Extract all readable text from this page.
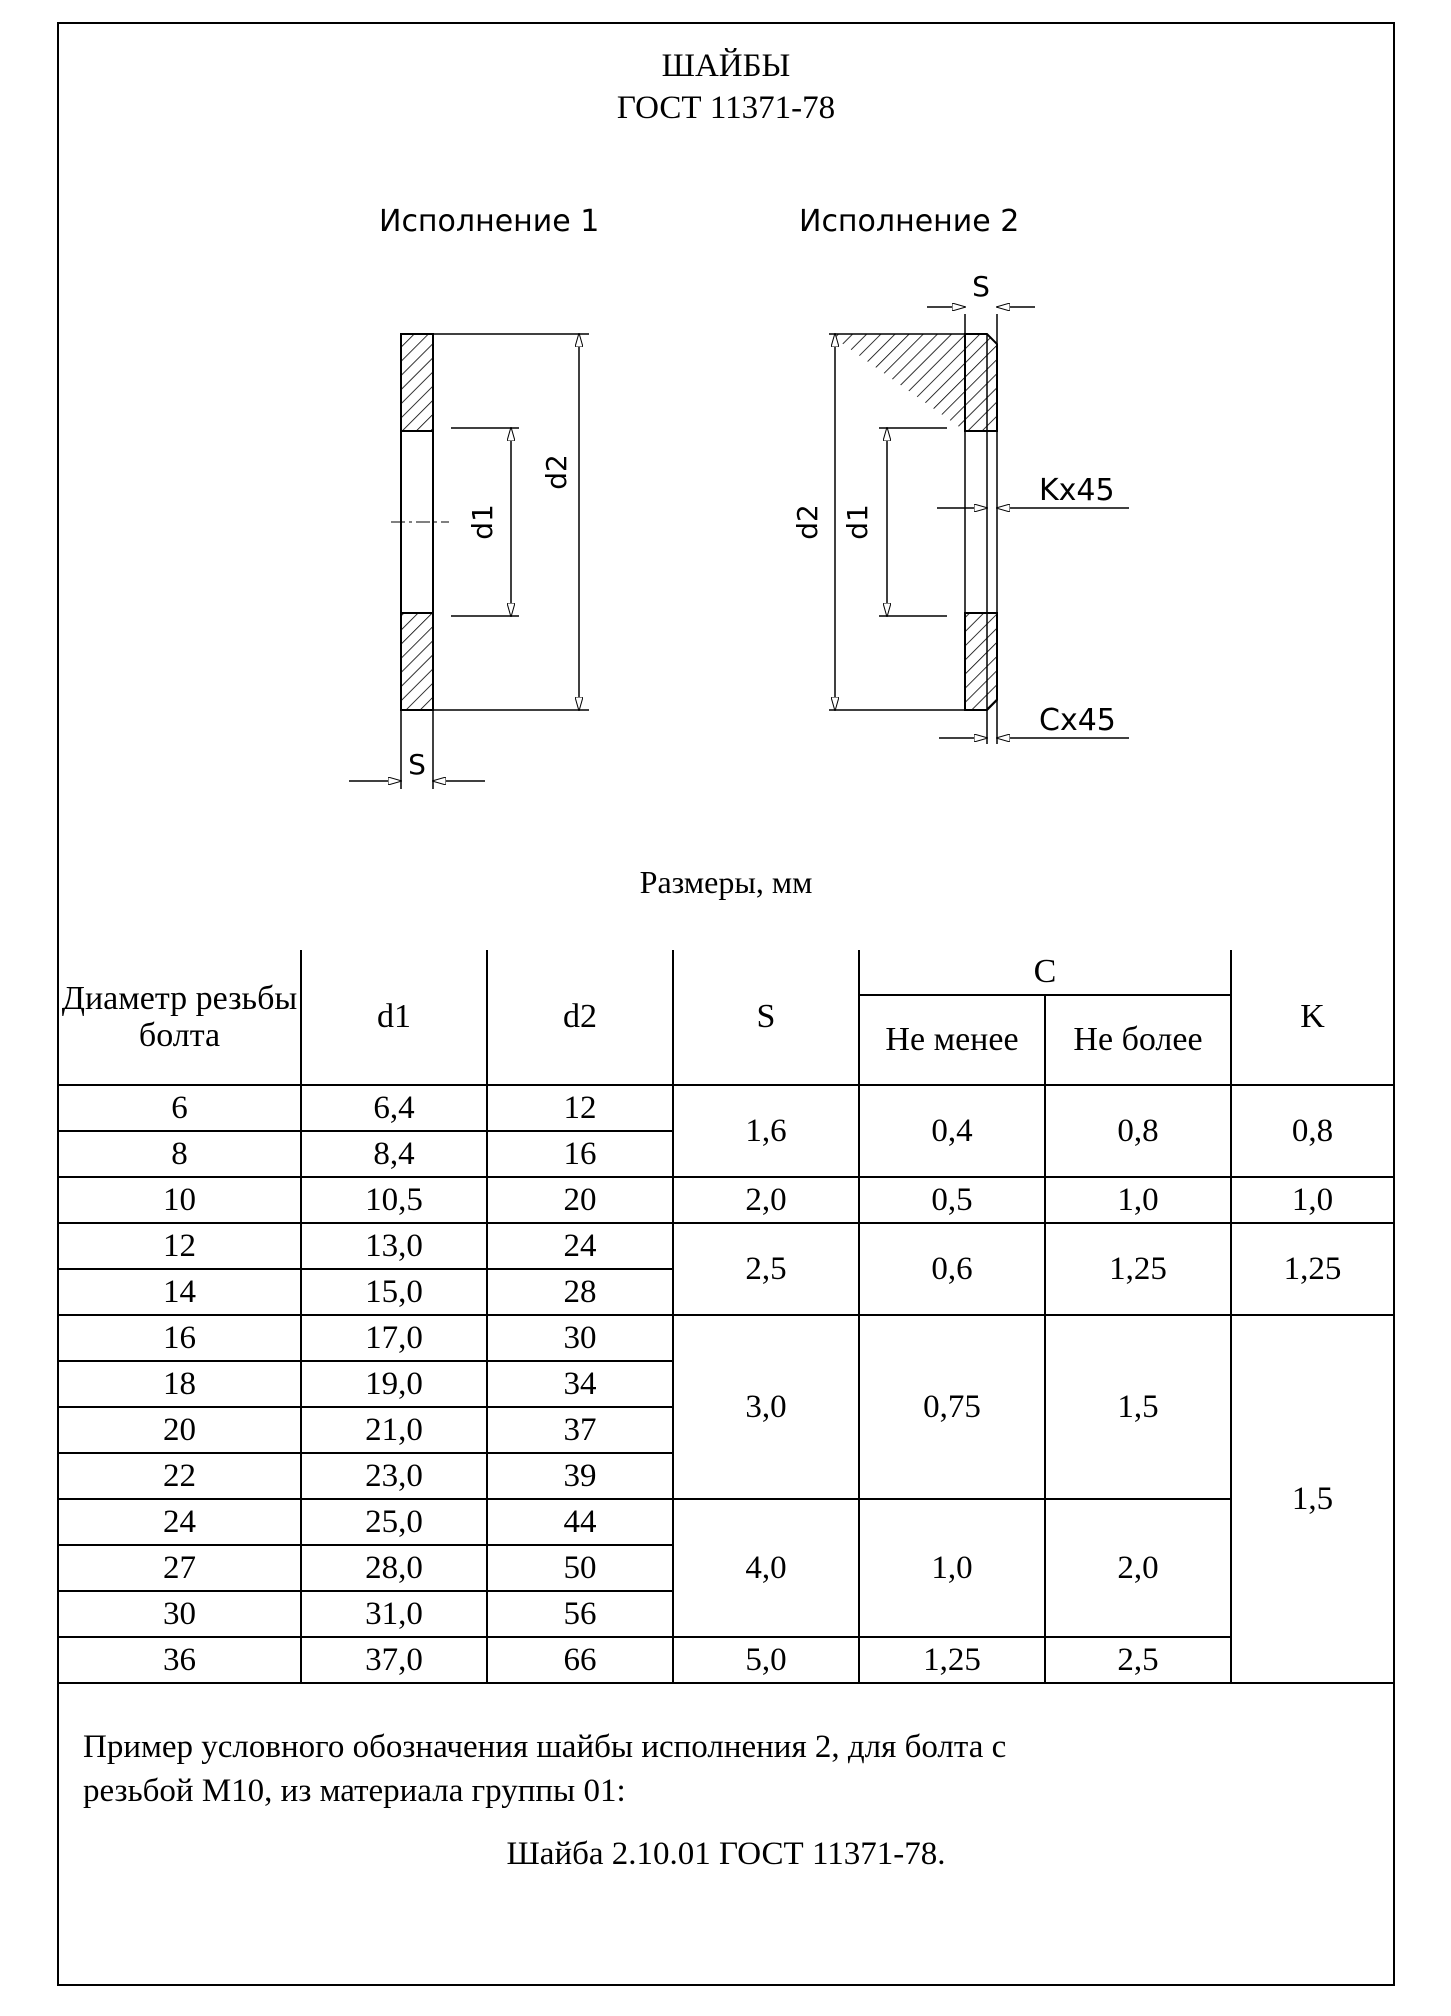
ШАЙБЫ
ГОСТ 11371-78
Исполнение 1	Исполнение 2
d1
d2
S
d1
d2
S
Kx45
Cx45
Размеры, мм
Диаметр резьбы болта	d1	d2	S	C		K
				Не менее	Не более	
6	6,4	12	1,6	0,4	0,8	0,8
8	8,4	16				
10	10,5	20	2,0	0,5	1,0	1,0
12	13,0	24	2,5	0,6	1,25	1,25
14	15,0	28				
16	17,0	30	3,0	0,75	1,5	1,5
18	19,0	34				
20	21,0	37				
22	23,0	39				
24	25,0	44	4,0	1,0	2,0	
27	28,0	50				
30	31,0	56				
36	37,0	66	5,0	1,25	2,5	
Пример условного обозначения шайбы исполнения 2, для болта с
резьбой М10, из материала группы 01:
Шайба 2.10.01 ГОСТ 11371-78.
